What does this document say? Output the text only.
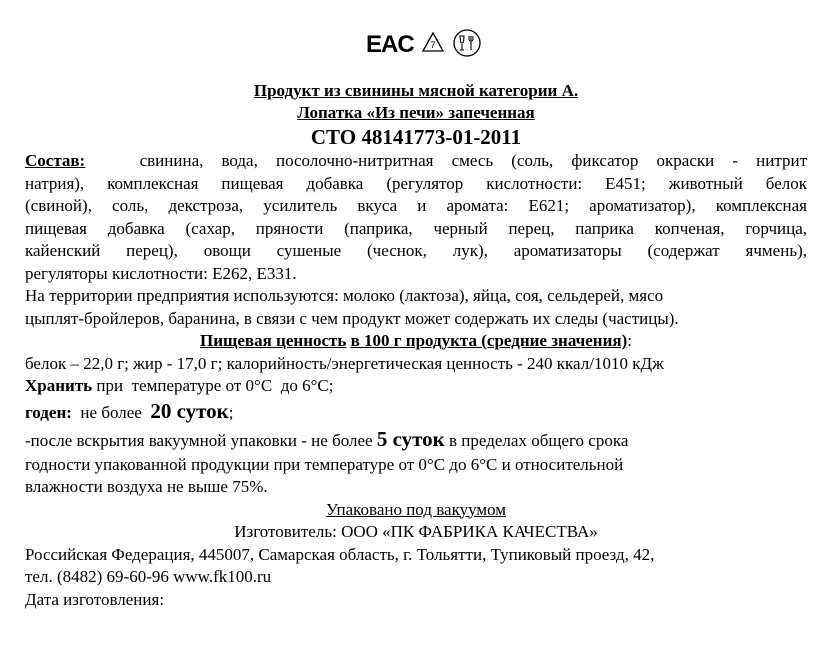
EAC 7
Продукт из свинины мясной категории А.
Лопатка «Из печи» запеченная
СТО 48141773-01-2011
Состав:	свинина, вода, посолочно-нитритная смесь (соль, фиксатор окраски - нитрит
натрия), комплексная пищевая добавка (регулятор кислотности: Е451; животный белок
(свиной), соль, декстроза, усилитель вкуса и аромата: Е621; ароматизатор), комплексная
пищевая добавка (сахар, пряности (паприка, черный перец, паприка копченая, горчица,
кайенский перец), овощи сушеные (чеснок, лук), ароматизаторы (содержат ячмень),
регуляторы кислотности: Е262, Е331.
На территории предприятия используются: молоко (лактоза), яйца, соя, сельдерей, мясо
цыплят-бройлеров, баранина, в связи с чем продукт может содержать их следы (частицы).
Пищевая ценность в 100 г продукта (средние значения):
белок – 22,0 г; жир - 17,0 г; калорийность/энергетическая ценность - 240 ккал/1010 кДж
Хранить при  температуре от 0°С  до 6°С;
годен:  не более  20 суток;
-после вскрытия вакуумной упаковки - не более 5 суток в пределах общего срока
годности упакованной продукции при температуре от 0°С до 6°С и относительной
влажности воздуха не выше 75%.
Упаковано под вакуумом
Изготовитель: ООО «ПК ФАБРИКА КАЧЕСТВА»
Российская Федерация, 445007, Самарская область, г. Тольятти, Тупиковый проезд, 42,
тел. (8482) 69-60-96 www.fk100.ru
Дата изготовления:
